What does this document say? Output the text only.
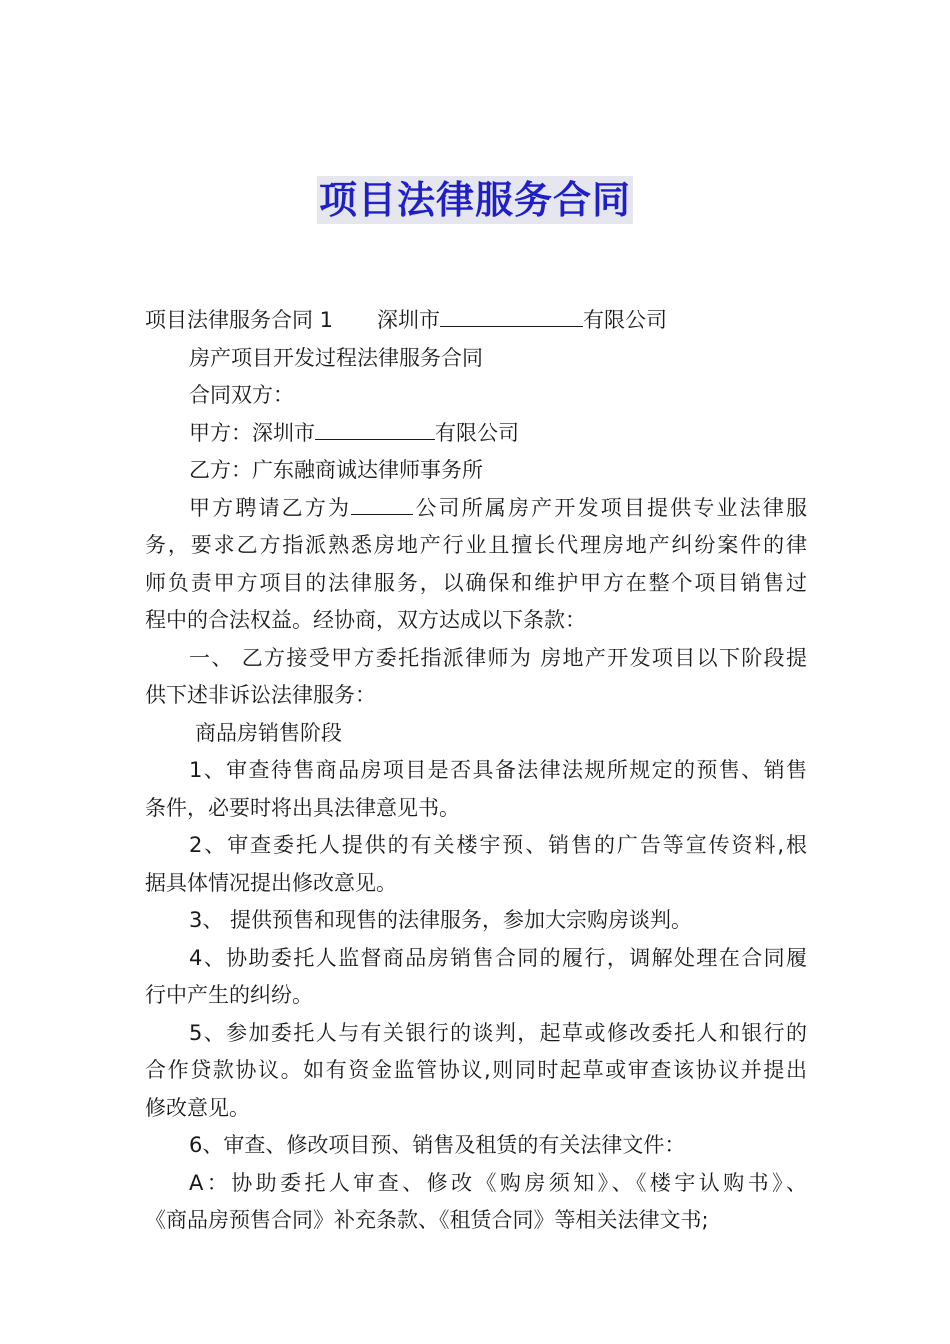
项目法律服务合同
项目法律服务合同 1 深圳市	有限公司
房产项目开发过程法律服务合同
合同双方：
甲方：深圳市	有限公司
乙方：广东融商诚达律师事务所
甲方聘请乙方为	公司所属房产开发项目提供专业法律服
务，要求乙方指派熟悉房地产行业且擅长代理房地产纠纷案件的律
师负责甲方项目的法律服务，以确保和维护甲方在整个项目销售过
程中的合法权益。经协商，双方达成以下条款：
一、 乙方接受甲方委托指派律师为 房地产开发项目以下阶段提
供下述非诉讼法律服务：
商品房销售阶段
1、审查待售商品房项目是否具备法律法规所规定的预售、销售
条件，必要时将出具法律意见书。
2、审查委托人提供的有关楼宇预、销售的广告等宣传资料,根
据具体情况提出修改意见。
3、 提供预售和现售的法律服务，参加大宗购房谈判。
4、协助委托人监督商品房销售合同的履行，调解处理在合同履
行中产生的纠纷。
5、参加委托人与有关银行的谈判，起草或修改委托人和银行的
合作贷款协议。如有资金监管协议,则同时起草或审查该协议并提出
修改意见。
6、审查、修改项目预、销售及租赁的有关法律文件：
A：协助委托人审查、修改《购房须知》、《楼宇认购书》、
《商品房预售合同》补充条款、《租赁合同》等相关法律文书;
